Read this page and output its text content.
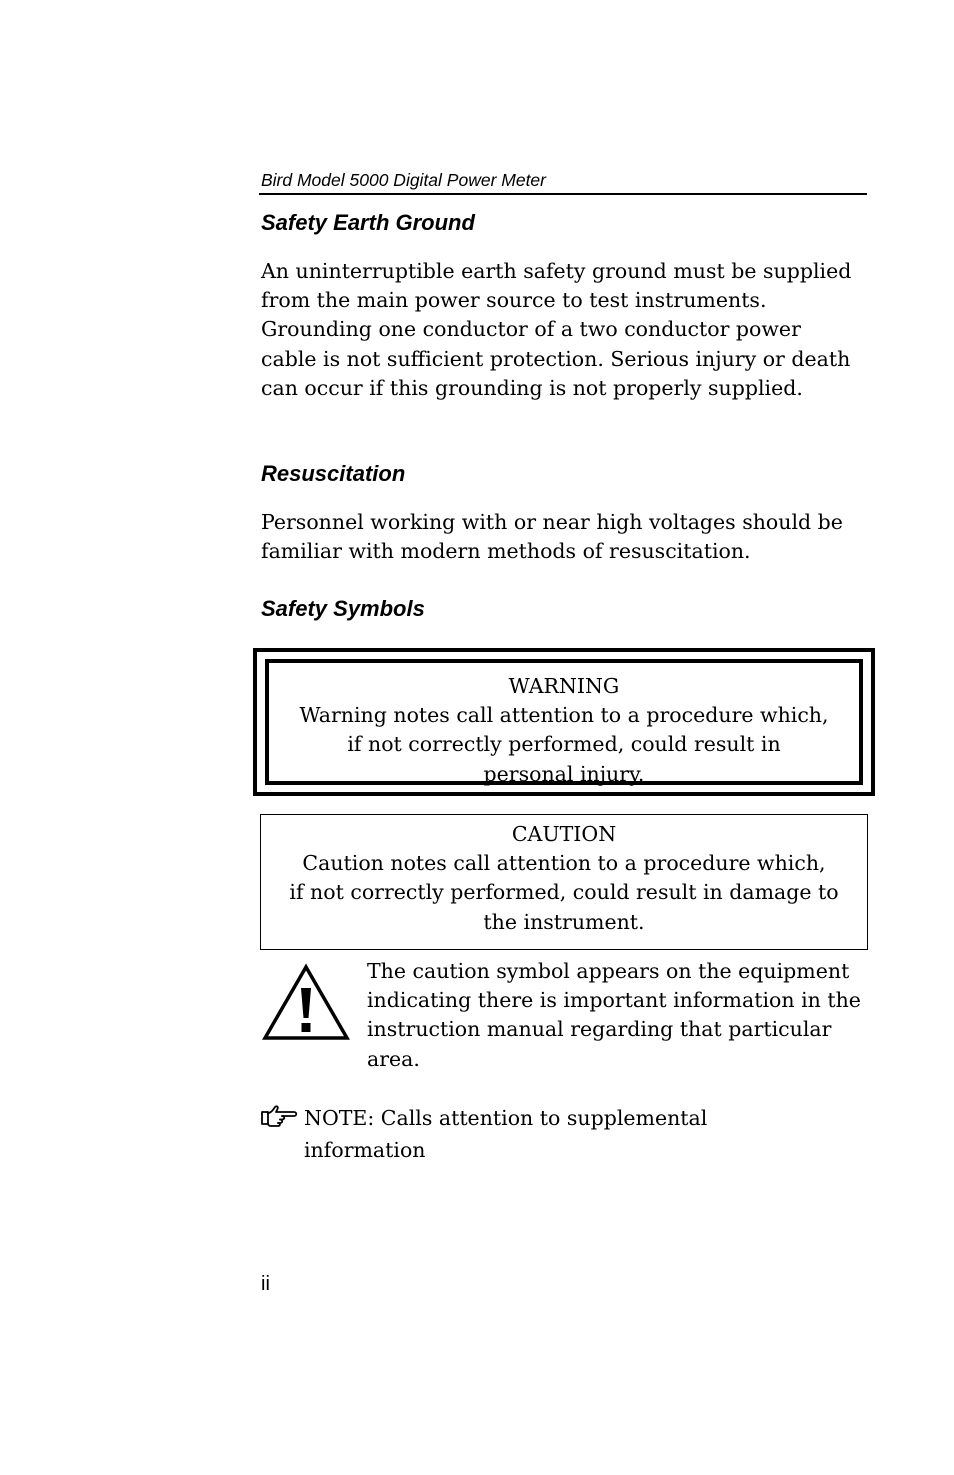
Bird Model 5000 Digital Power Meter
Safety Earth Ground

An uninterruptible earth safety ground must be supplied from the main power source to test instruments. Grounding one conductor of a two conductor power cable is not sufficient protection. Serious injury or death can occur if this grounding is not properly supplied.

Resuscitation

Personnel working with or near high voltages should be familiar with modern methods of resuscitation.

Safety Symbols

WARNING
Warning notes call attention to a procedure which,
if not correctly performed, could result in
personal injury.

CAUTION
Caution notes call attention to a procedure which,
if not correctly performed, could result in damage to
the instrument.

The caution symbol appears on the equipment indicating there is important information in the instruction manual regarding that particular area.

NOTE: Calls attention to supplemental information

ii
